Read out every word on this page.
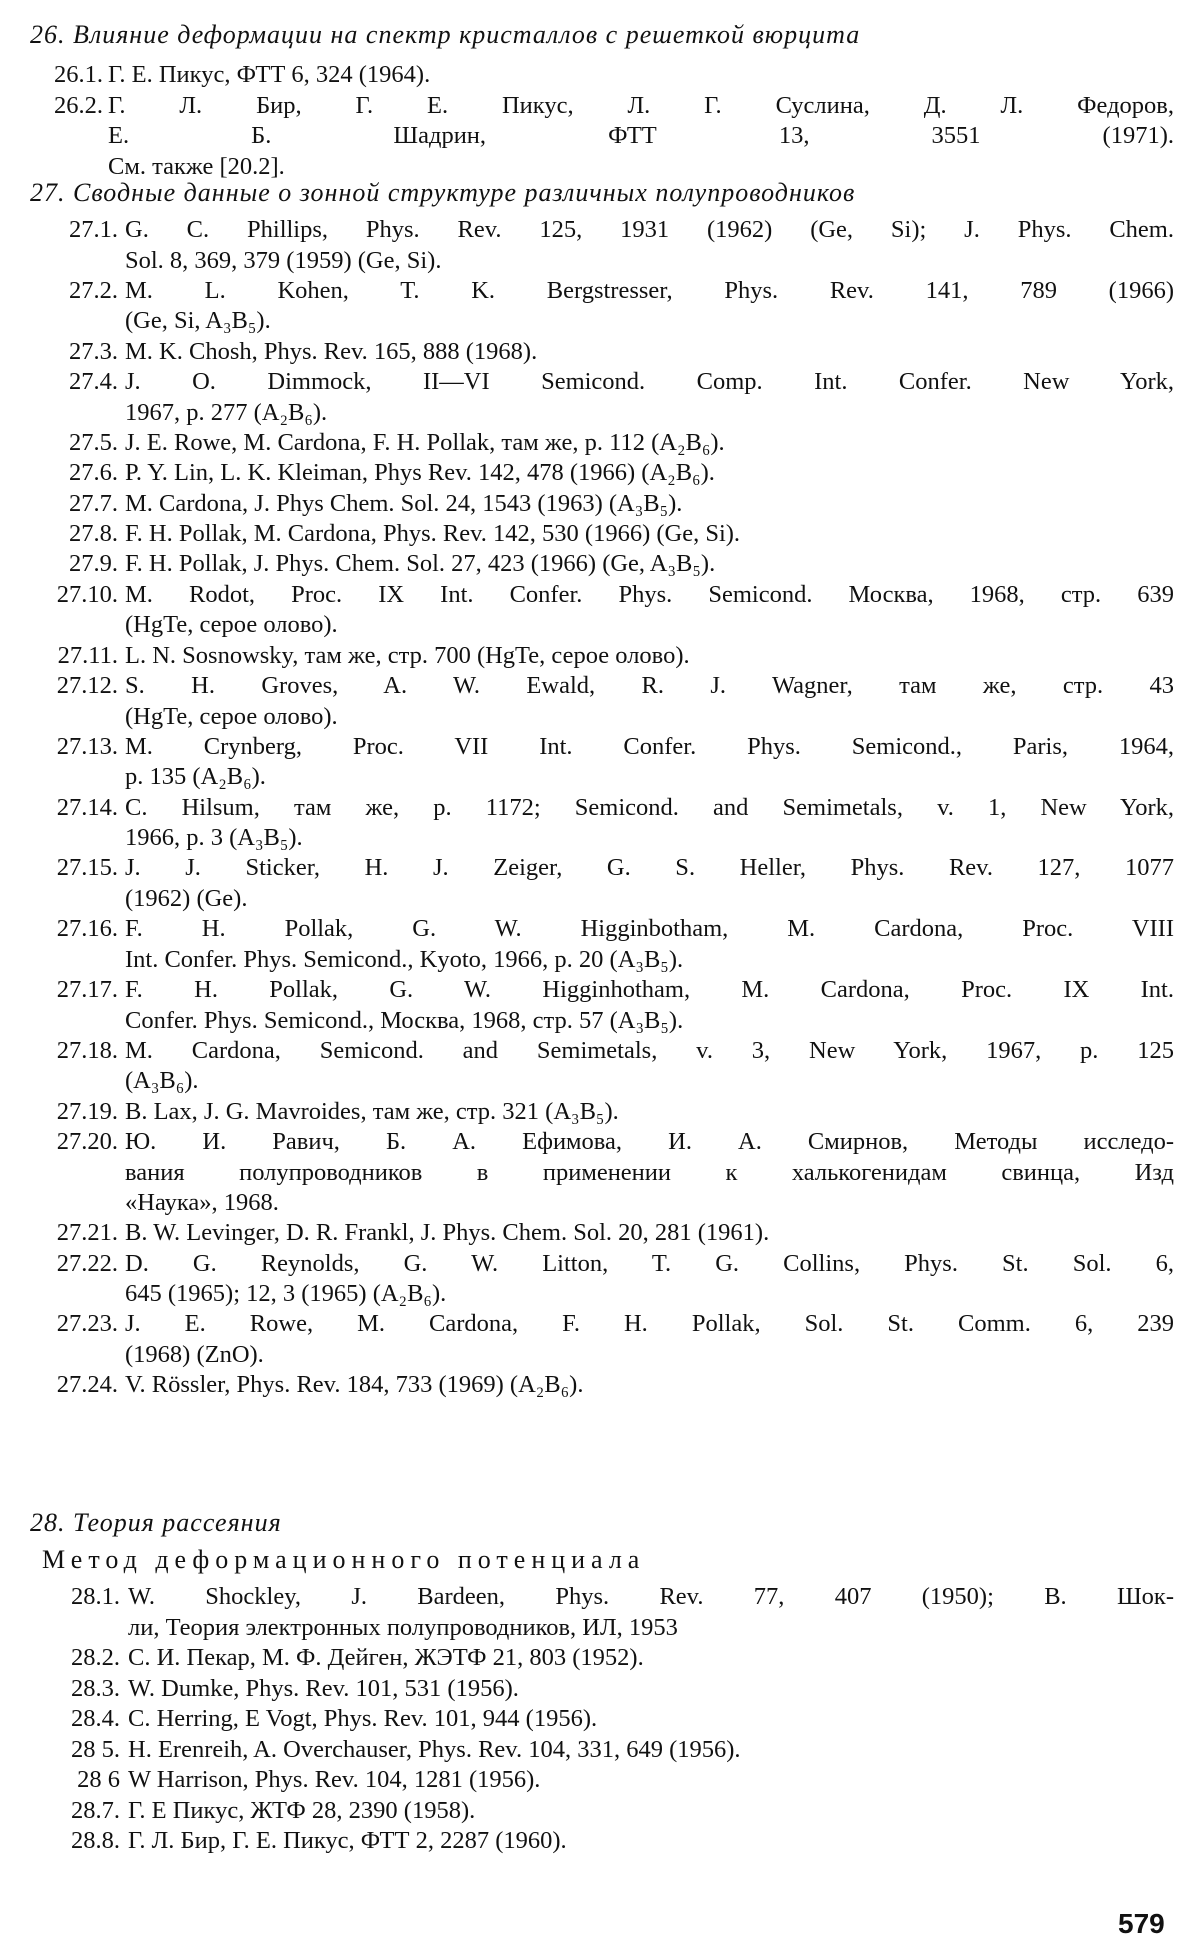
26. Влияние деформации на спектр кристаллов с решеткой вюрцита
26.1. Г. Е. Пикус, ФТТ 6, 324 (1964).
26.2. Г. Л. Бир, Г. Е. Пикус, Л. Г. Суслина, Д. Л. Федоров,
Е. Б. Шадрин, ФТТ 13, 3551 (1971).
См. также [20.2].
27. Сводные данные о зонной структуре различных полупроводников
27.1. G. C. Phillips, Phys. Rev. 125, 1931 (1962) (Ge, Si); J. Phys. Chem.
Sol. 8, 369, 379 (1959) (Ge, Si).
27.2. M. L. Kohen, T. K. Bergstresser, Phys. Rev. 141, 789 (1966)
(Ge, Si, A₃B₅).
27.3. M. K. Chosh, Phys. Rev. 165, 888 (1968).
27.4. J. O. Dimmock, II—VI Semicond. Comp. Int. Confer. New York,
1967, p. 277 (A₂B₆).
27.5. J. E. Rowe, M. Cardona, F. H. Pollak, там же, p. 112 (A₂B₆).
27.6. P. Y. Lin, L. K. Kleiman, Phys Rev. 142, 478 (1966) (A₂B₆).
27.7. M. Cardona, J. Phys Chem. Sol. 24, 1543 (1963) (A₃B₅).
27.8. F. H. Pollak, M. Cardona, Phys. Rev. 142, 530 (1966) (Ge, Si).
27.9. F. H. Pollak, J. Phys. Chem. Sol. 27, 423 (1966) (Ge, A₃B₅).
27.10. M. Rodot, Proc. IX Int. Confer. Phys. Semicond. Москва, 1968, стр. 639
(HgTe, серое олово).
27.11. L. N. Sosnowsky, там же, стр. 700 (HgTe, серое олово).
27.12. S. H. Groves, A. W. Ewald, R. J. Wagner, там же, стр. 43
(HgTe, серое олово).
27.13. M. Crynberg, Proc. VII Int. Confer. Phys. Semicond., Paris, 1964,
p. 135 (A₂B₆).
27.14. C. Hilsum, там же, p. 1172; Semicond. and Semimetals, v. 1, New York,
1966, p. 3 (A₃B₅).
27.15. J. J. Sticker, H. J. Zeiger, G. S. Heller, Phys. Rev. 127, 1077
(1962) (Ge).
27.16. F. H. Pollak, G. W. Higginbotham, M. Cardona, Proc. VIII
Int. Confer. Phys. Semicond., Kyoto, 1966, p. 20 (A₃B₅).
27.17. F. H. Pollak, G. W. Higginhotham, M. Cardona, Proc. IX Int.
Confer. Phys. Semicond., Москва, 1968, стр. 57 (A₃B₅).
27.18. M. Cardona, Semicond. and Semimetals, v. 3, New York, 1967, p. 125
(A₃B₆).
27.19. B. Lax, J. G. Mavroides, там же, стр. 321 (A₃B₅).
27.20. Ю. И. Равич, Б. А. Ефимова, И. А. Смирнов, Методы исследо-
вания полупроводников в применении к халькогенидам свинца, Изд
«Наука», 1968.
27.21. B. W. Levinger, D. R. Frankl, J. Phys. Chem. Sol. 20, 281 (1961).
27.22. D. G. Reynolds, G. W. Litton, T. G. Collins, Phys. St. Sol. 6,
645 (1965); 12, 3 (1965) (A₂B₆).
27.23. J. E. Rowe, M. Cardona, F. H. Pollak, Sol. St. Comm. 6, 239
(1968) (ZnO).
27.24. V. Rössler, Phys. Rev. 184, 733 (1969) (A₂B₆).
28. Теория рассеяния
Метод деформационного потенциала
28.1. W. Shockley, J. Bardeen, Phys. Rev. 77, 407 (1950); B. Шок-
ли, Теория электронных полупроводников, ИЛ, 1953
28.2. С. И. Пекар, М. Ф. Дейген, ЖЭТФ 21, 803 (1952).
28.3. W. Dumke, Phys. Rev. 101, 531 (1956).
28.4. C. Herring, E Vogt, Phys. Rev. 101, 944 (1956).
28 5. H. Erenreih, A. Overchauser, Phys. Rev. 104, 331, 649 (1956).
28 6 W Harrison, Phys. Rev. 104, 1281 (1956).
28.7. Г. Е Пикус, ЖТФ 28, 2390 (1958).
28.8. Г. Л. Бир, Г. Е. Пикус, ФТТ 2, 2287 (1960).
579
